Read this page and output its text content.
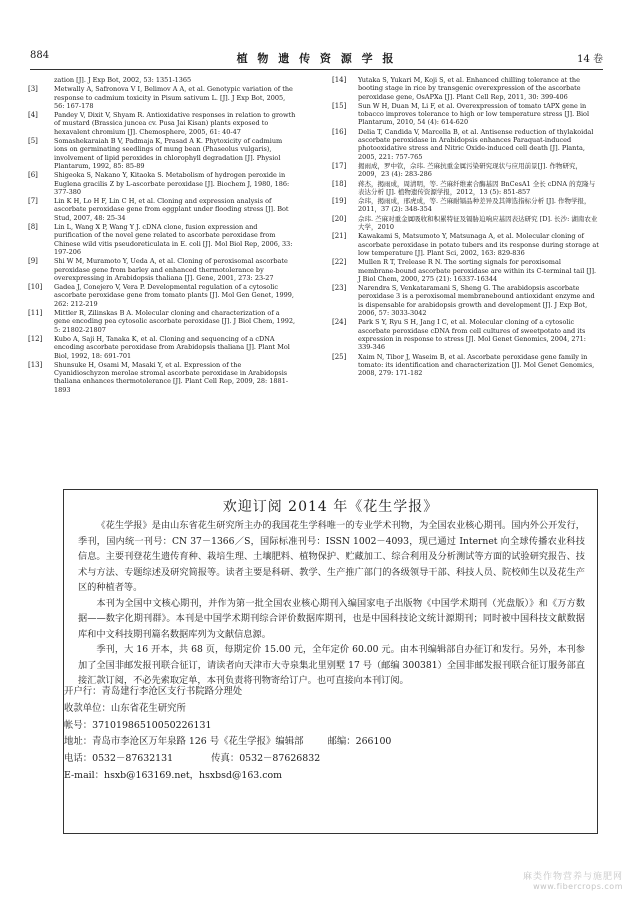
884	植 物 遗 传 资 源 学 报	14 卷
zation [J]. J Exp Bot, 2002, 53: 1351-1365
[3] Metwally A, Safronova V I, Belimov A A, et al. Genotypic variation of the response to cadmium toxicity in Pisum sativum L. [J]. J Exp Bot, 2005, 56: 167-178
[4] Pandey V, Dixit V, Shyam R. Antioxidative responses in relation to growth of mustard (Brassica juncea cv. Pusa Jai Kisan) plants exposed to hexavalent chromium [J]. Chemosphere, 2005, 61: 40-47
[5] Somashekaraiah B V, Padmaja K, Prasad A K. Phytoxicity of cadmium ions on germinating seedlings of mung bean (Phaseolus vulgaris), involvement of lipid peroxides in chlorophyll degradation [J]. Physiol Plantarum, 1992, 85: 85-89
[6] Shigeoka S, Nakano Y, Kitaoka S. Metabolism of hydrogen peroxide in Euglena gracilis Z by L-ascorbate peroxidase [J]. Biochem J, 1980, 186: 377-380
[7] Lin K H, Lo H F, Lin C H, et al. Cloning and expression analysis of ascorbate peroxidase gene from eggplant under flooding stress [J]. Bot Stud, 2007, 48: 25-34
[8] Lin L, Wang X P, Wang Y J. cDNA clone, fusion expression and purification of the novel gene related to ascorbate peroxidase from Chinese wild vitis pseudoreticulata in E. coli [J]. Mol Biol Rep, 2006, 33: 197-206
[9] Shi W M, Muramoto Y, Ueda A, et al. Cloning of peroxisomal ascorbate peroxidase gene from barley and enhanced thermotolerance by overexpressing in Arabidopsis thaliana [J]. Gene, 2001, 273: 23-27
[10] Gadea J, Conejero V, Vera P. Developmental regulation of a cytosolic ascorbate peroxidase gene from tomato plants [J]. Mol Gen Genet, 1999, 262: 212-219
[11] Mittler R, Zilinskas B A. Molecular cloning and characterization of a gene encoding pea cytosolic ascorbate peroxidase [J]. J Biol Chem, 1992, 5: 21802-21807
[12] Kubo A, Saji H, Tanaka K, et al. Cloning and sequencing of a cDNA encoding ascorbate peroxidase from Arabidopsis thaliana [J]. Plant Mol Biol, 1992, 18: 691-701
[13] Shunsuke H, Osami M, Masaki Y, et al. Expression of the Cyanidioschyzon merolae stromal ascorbate peroxidase in Arabidopsis thaliana enhances thermotolerance [J]. Plant Cell Rep, 2009, 28: 1881-1893
[14] Yutaka S, Yukari M, Koji S, et al. Enhanced chilling tolerance at the booting stage in rice by transgenic overexpression of the ascorbate peroxidase gene, OsAPXa [J]. Plant Cell Rep, 2011, 30: 399-406
[15] Sun W H, Duan M, Li F, et al. Overexpression of tomato tAPX gene in tobacco improves tolerance to high or low temperature stress [J]. Biol Plantarum, 2010, 54 (4): 614-620
[16] Delia T, Candida V, Marcella B, et al. Antisense reduction of thylakoidal ascorbate peroxidase in Arabidopsis enhances Paraquat-induced photooxidative stress and Nitric Oxide-induced cell death [J]. Planta, 2005, 221: 757-765
[17] 揭雨成，罗中钦，佘玮. 苎麻抗重金属污染研究现状与应用前景[J]. 作物研究，2009，23 (4): 283-286
[18] 蒋杰，揭雨成，周清明，等. 苎麻纤维素合酶基因 BnCesA1 全长 cDNA 的克隆与表达分析 [J]. 植物遗传资源学报，2012，13 (5): 851-857
[19] 佘玮，揭雨成，邢虎成，等. 苎麻耐镉品种差异及其筛选指标分析 [J]. 作物学报，2011，37 (2): 348-354
[20] 佘玮. 苎麻对重金属吸收和积累特征及镉胁迫响应基因表达研究 [D]. 长沙: 湖南农业大学，2010
[21] Kawakami S, Matsumoto Y, Matsunaga A, et al. Molecular cloning of ascorbate peroxidase in potato tubers and its response during storage at low temperature [J]. Plant Sci, 2002, 163: 829-836
[22] Mullen R T, Trelease R N. The sorting signals for peroxisomal membrane-bound ascorbate peroxidase are within its C-terminal tail [J]. J Biol Chem, 2000, 275 (21): 16337-16344
[23] Narendra S, Venkataramani S, Sheng G. The arabidopsis ascorbate peroxidase 3 is a peroxisomal membranebound antioxidant enzyme and is dispensable for arabidopsis growth and development [J]. J Exp Bot, 2006, 57: 3033-3042
[24] Park S Y, Ryu S H, Jang I C, et al. Molecular cloning of a cytosolic ascorbate peroxidase cDNA from cell cultures of sweetpotato and its expression in response to stress [J]. Mol Genet Genomics, 2004, 271: 339-346
[25] Xaim N, Tibor J, Waseim B, et al. Ascorbate peroxidase gene family in tomato: its identification and characterization [J]. Mol Genet Genomics, 2008, 279: 171-182
欢迎订阅 2014 年《花生学报》

《花生学报》是由山东省花生研究所主办的我国花生学科唯一的专业学术刊物，为全国农业核心期刊。国内外公开发行，季刊，国内统一刊号：CN 37－1366／S，国际标准刊号：ISSN 1002－4093，现已通过 Internet 向全球传播农业科技信息。主要刊登花生遗传育种、栽培生理、土壤肥料、植物保护、贮藏加工、综合利用及分析测试等方面的试验研究报告、技术与方法、专题综述及研究简报等。读者主要是科研、教学、生产推广部门的各级领导干部、科技人员、院校师生以及花生产区的种植者等。

本刊为全国中文核心期刊，并作为第一批全国农业核心期刊入编国家电子出版物《中国学术期刊（光盘版）》和《万方数据——数字化期刊群》。本刊是中国学术期刊综合评价数据库期刊，也是中国科技论文统计源期刊；同时被中国科技文献数据库和中文科技期刊篇名数据库列为文献信息源。

季刊，大 16 开本，共 68 页，每期定价 15.00 元，全年定价 60.00 元。由本刊编辑部自办征订和发行。另外，本刊参加了全国非邮发报刊联合征订，请读者向天津市大寺泉集北里别墅 17 号（邮编 300381）全国非邮发报刊联合征订服务部直接汇款订阅，不必先索取定单，本刊负责将刊物寄给订户。也可直接向本刊订阅。

开户行：青岛建行李沧区支行书院路分理处
收款单位：山东省花生研究所
帐号：37101986510050226131
地址：青岛市李沧区万年泉路 126 号《花生学报》编辑部	邮编：266100
电话：0532－87632131	传真：0532－87626832
E-mail：hsxb@163169.net，hsxbsd@163.com
麻类作物营养与施肥网
www.fibercrops.com
